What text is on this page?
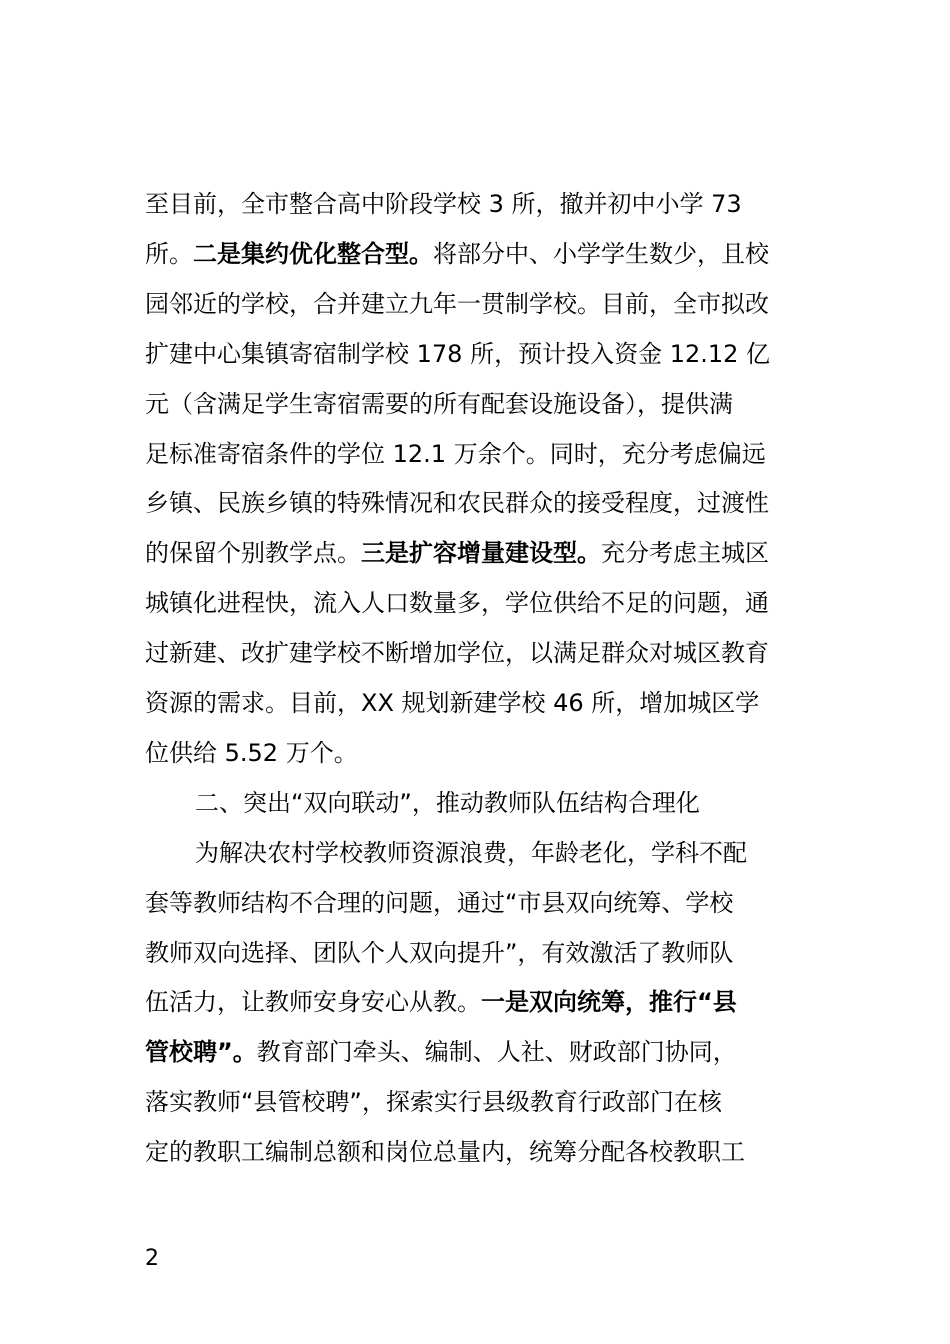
至目前，全市整合高中阶段学校 3 所，撤并初中小学 73
所。二是集约优化整合型。将部分中、小学学生数少，且校
园邻近的学校，合并建立九年一贯制学校。目前，全市拟改
扩建中心集镇寄宿制学校 178 所，预计投入资金 12.12 亿
元（含满足学生寄宿需要的所有配套设施设备），提供满
足标准寄宿条件的学位 12.1 万余个。同时，充分考虑偏远
乡镇、民族乡镇的特殊情况和农民群众的接受程度，过渡性
的保留个别教学点。三是扩容增量建设型。充分考虑主城区
城镇化进程快，流入人口数量多，学位供给不足的问题，通
过新建、改扩建学校不断增加学位，以满足群众对城区教育
资源的需求。目前，XX 规划新建学校 46 所，增加城区学
位供给 5.52 万个。
二、突出“双向联动”，推动教师队伍结构合理化
为解决农村学校教师资源浪费，年龄老化，学科不配
套等教师结构不合理的问题，通过“市县双向统筹、学校
教师双向选择、团队个人双向提升”，有效激活了教师队
伍活力，让教师安身安心从教。一是双向统筹，推行“县
管校聘”。教育部门牵头、编制、人社、财政部门协同，
落实教师“县管校聘”，探索实行县级教育行政部门在核
定的教职工编制总额和岗位总量内，统筹分配各校教职工
2
